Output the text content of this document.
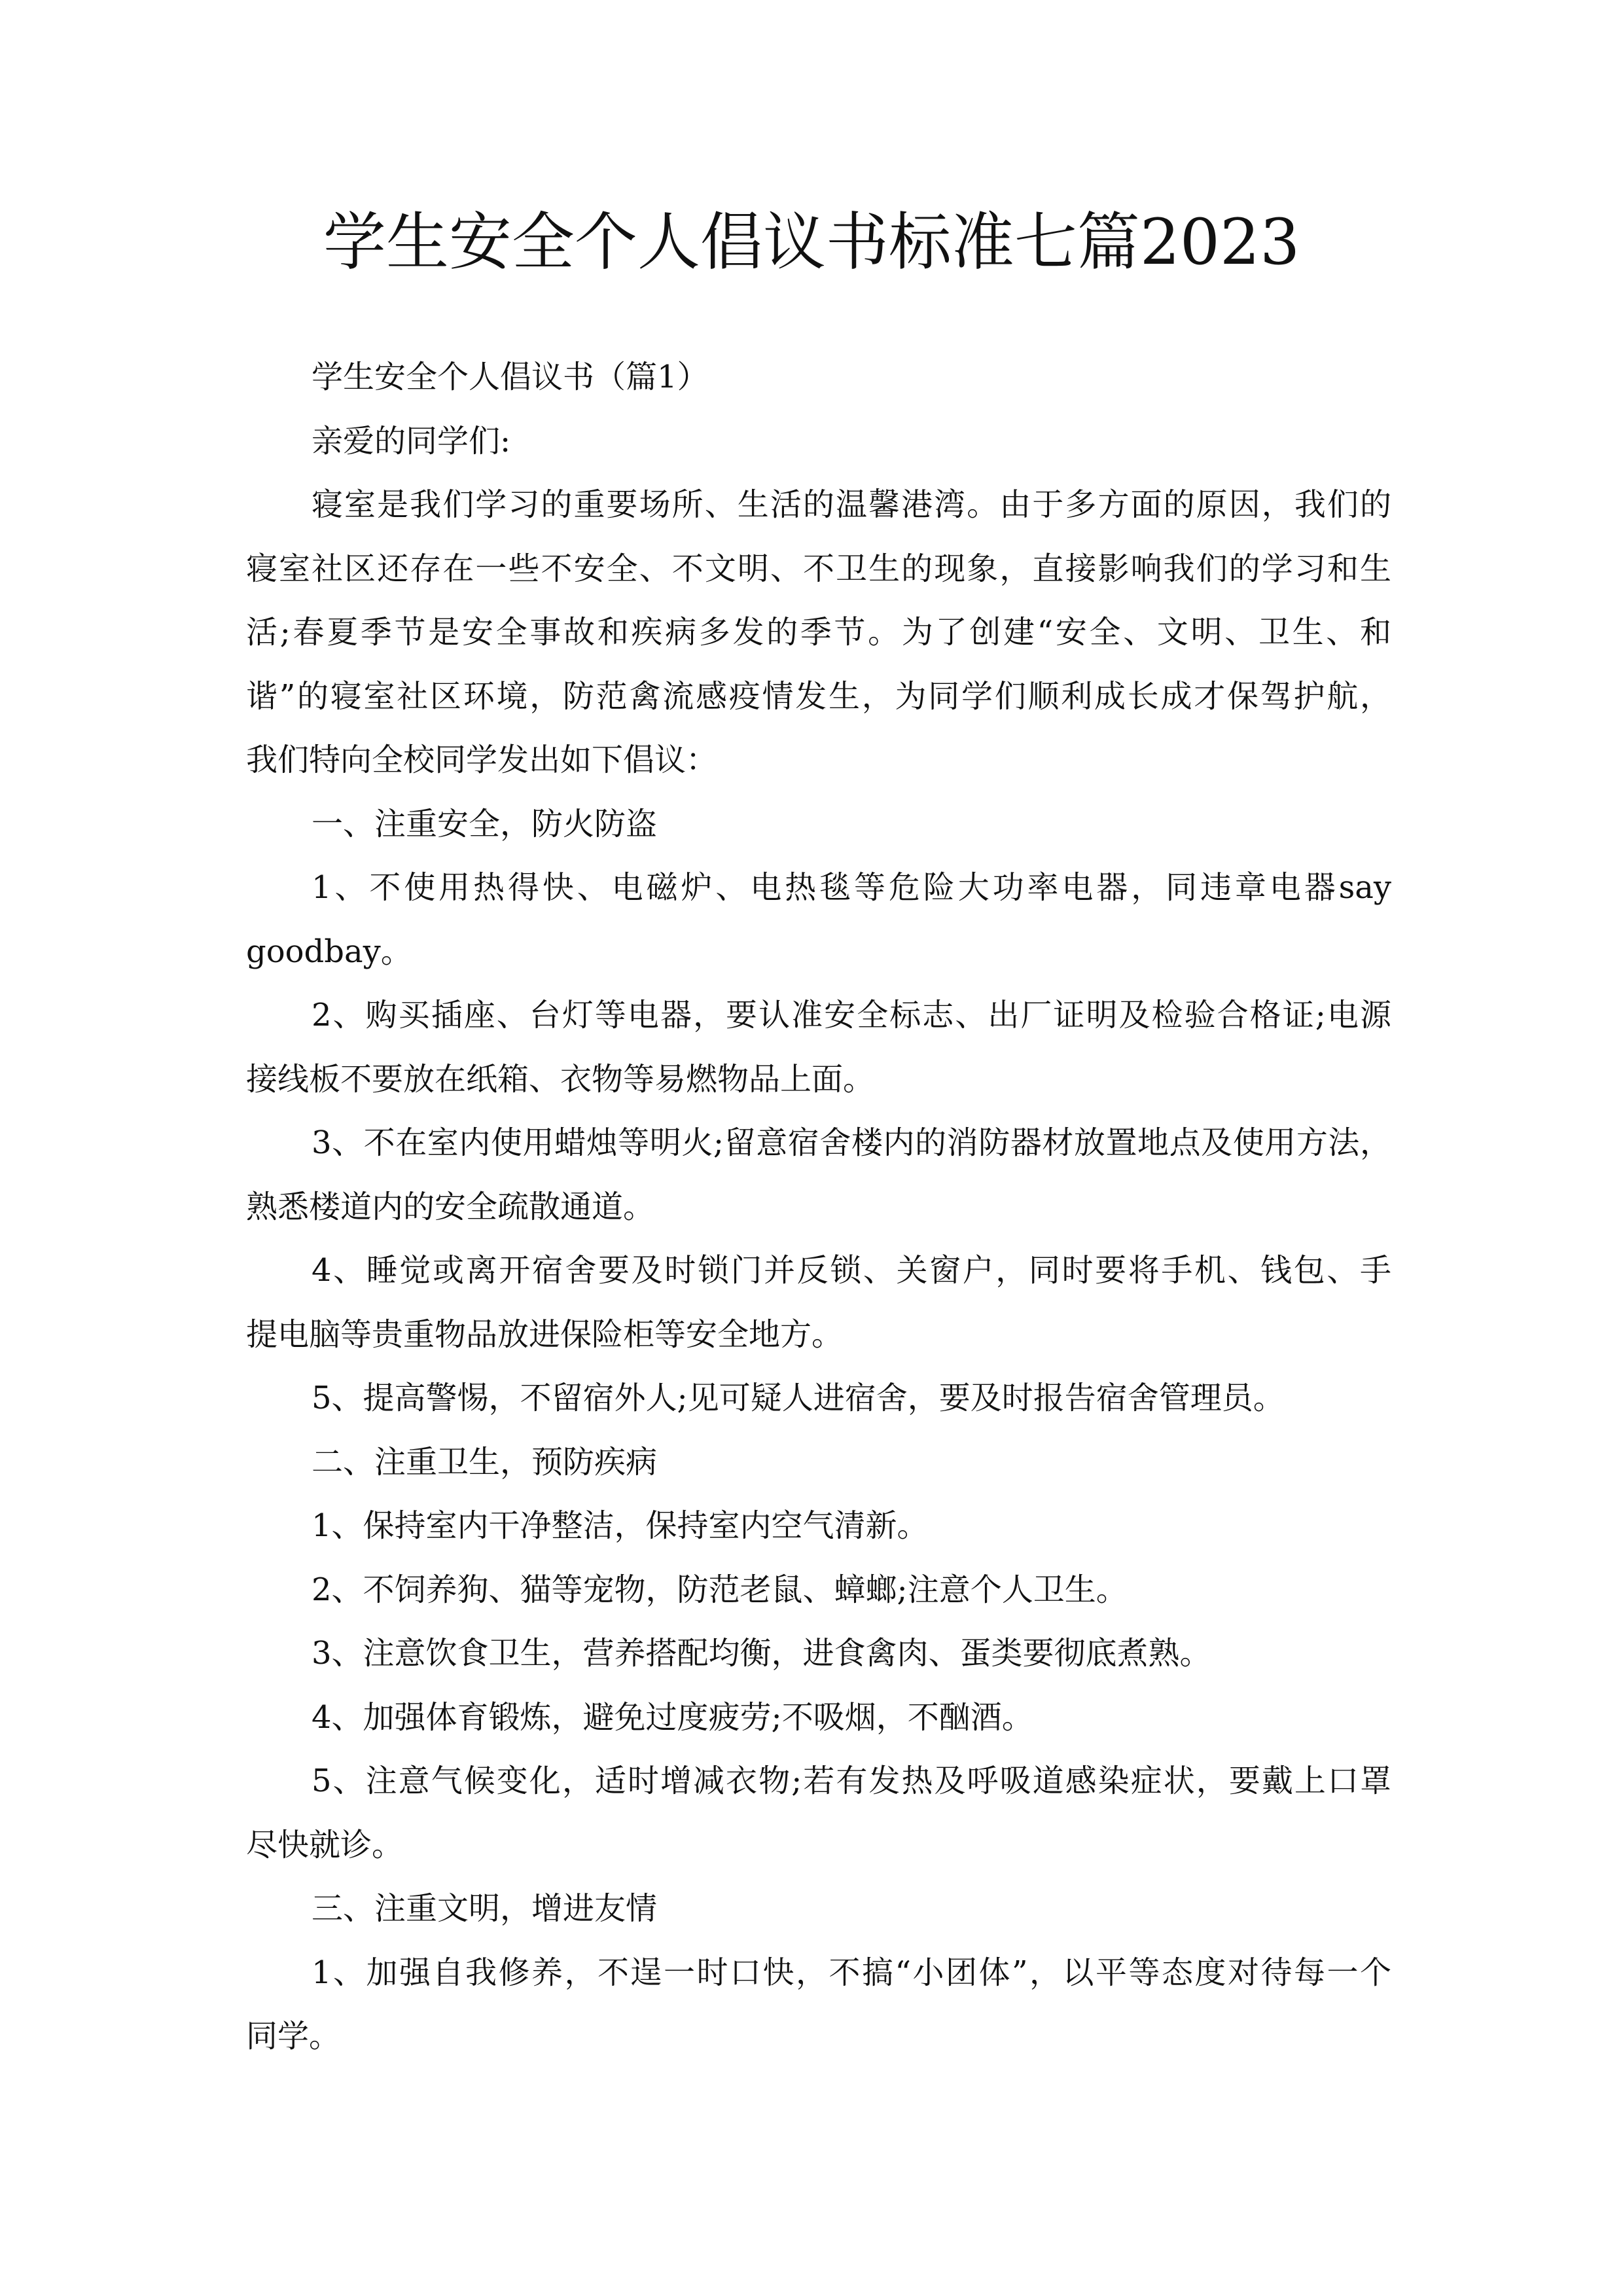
学生安全个人倡议书标准七篇2023
学生安全个人倡议书（篇1）
亲爱的同学们:
寝室是我们学习的重要场所、生活的温馨港湾。由于多方面的原因，我们的
寝室社区还存在一些不安全、不文明、不卫生的现象，直接影响我们的学习和生
活;春夏季节是安全事故和疾病多发的季节。为了创建“安全、文明、卫生、和
谐”的寝室社区环境，防范禽流感疫情发生，为同学们顺利成长成才保驾护航，
我们特向全校同学发出如下倡议：
一、注重安全，防火防盗
1、不使用热得快、电磁炉、电热毯等危险大功率电器，同违章电器say
goodbay。
2、购买插座、台灯等电器，要认准安全标志、出厂证明及检验合格证;电源
接线板不要放在纸箱、衣物等易燃物品上面。
3、不在室内使用蜡烛等明火;留意宿舍楼内的消防器材放置地点及使用方法，
熟悉楼道内的安全疏散通道。
4、睡觉或离开宿舍要及时锁门并反锁、关窗户，同时要将手机、钱包、手
提电脑等贵重物品放进保险柜等安全地方。
5、提高警惕，不留宿外人;见可疑人进宿舍，要及时报告宿舍管理员。
二、注重卫生，预防疾病
1、保持室内干净整洁，保持室内空气清新。
2、不饲养狗、猫等宠物，防范老鼠、蟑螂;注意个人卫生。
3、注意饮食卫生，营养搭配均衡，进食禽肉、蛋类要彻底煮熟。
4、加强体育锻炼，避免过度疲劳;不吸烟，不酗酒。
5、注意气候变化，适时增减衣物;若有发热及呼吸道感染症状，要戴上口罩
尽快就诊。
三、注重文明，增进友情
1、加强自我修养，不逞一时口快，不搞“小团体”，以平等态度对待每一个
同学。
